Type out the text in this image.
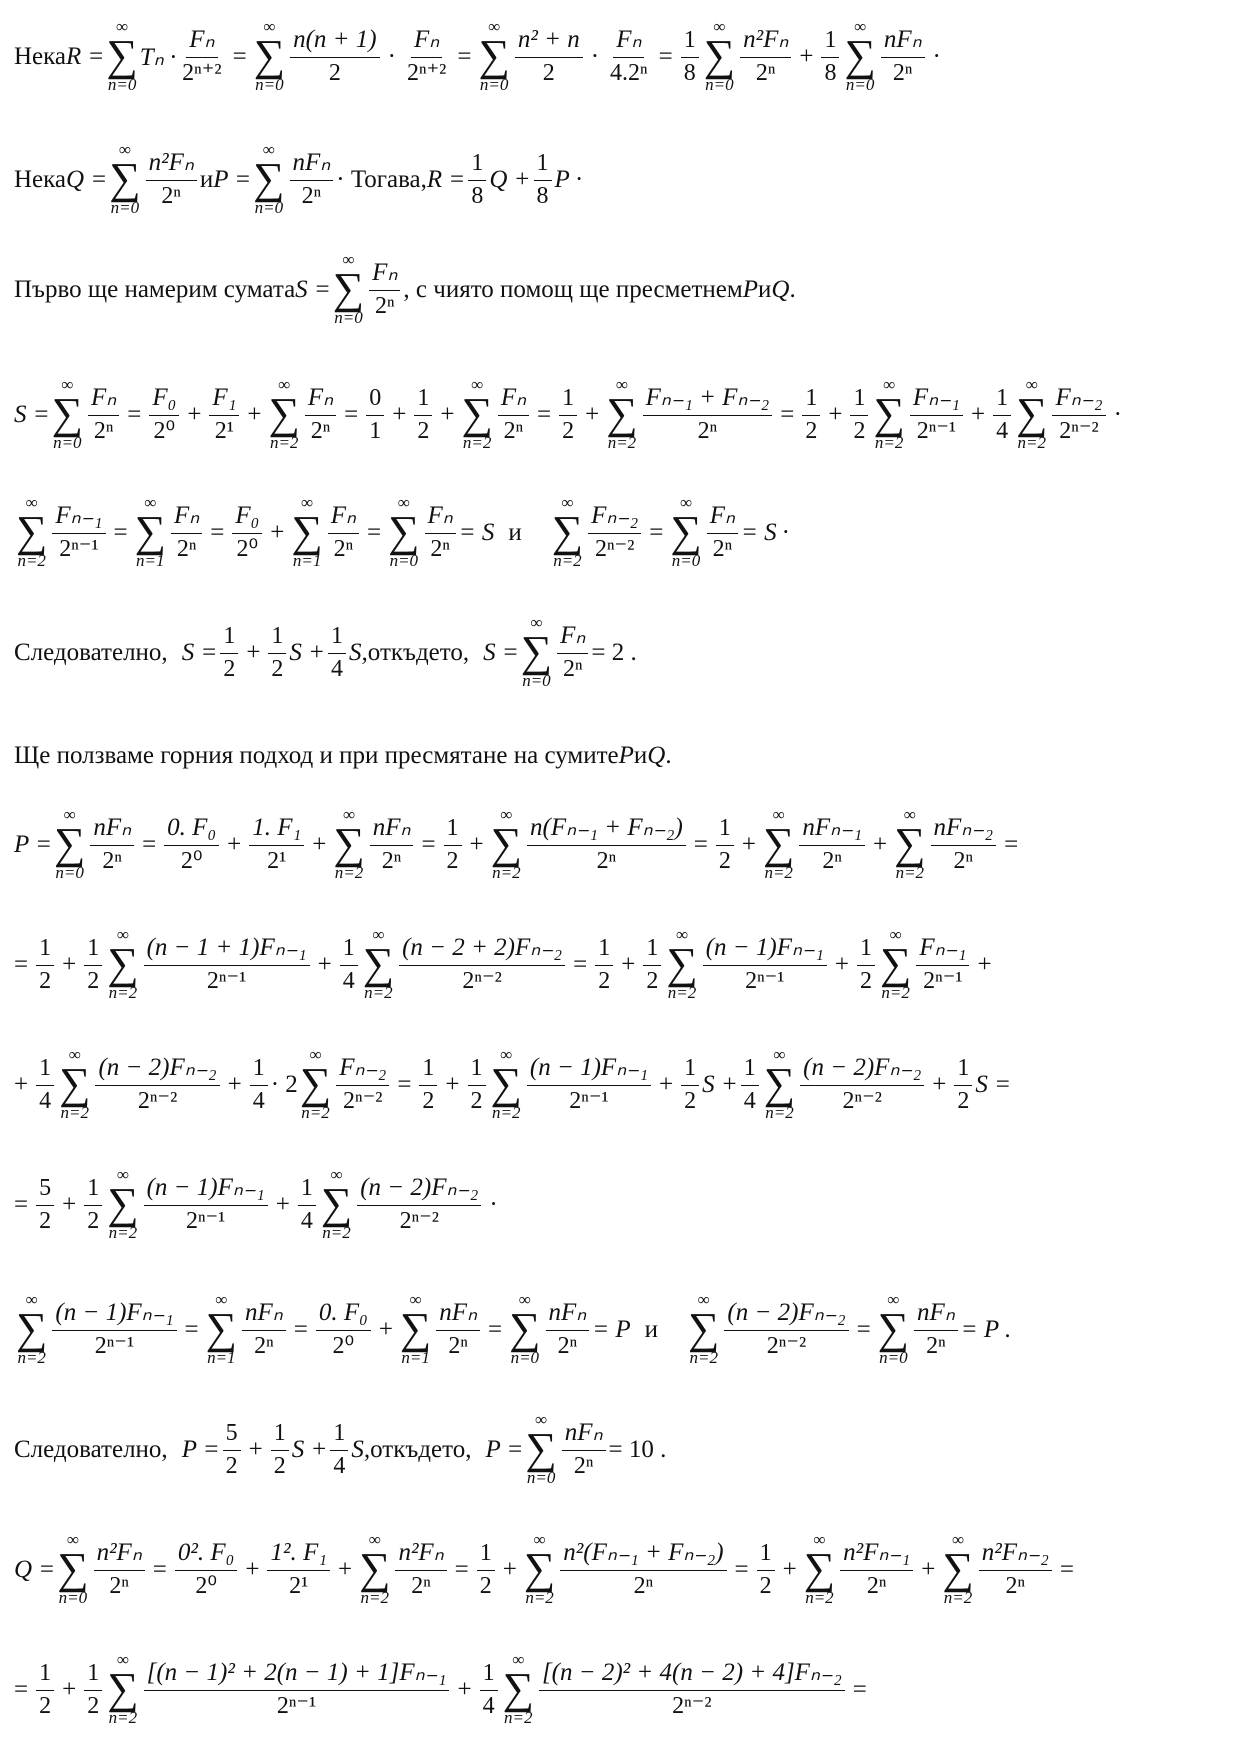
Нека R =
∞
∑
n=0
$T_n \cdot \frac{\text{Fₙ}}{\text{2ⁿ⁺²}}$ =
∞
∑
$n=0 \frac{n(n + 1)}{2} \cdot \frac{\text{Fₙ}}{\text{2ⁿ⁺²}}$ =
∞
∑
$n=0 \frac{\text{n² + n}}{2} \cdot \frac{\text{Fₙ}}{\text{4.2ⁿ}} = \frac{1}{8}$
∞
∑
$n=0 \frac{\text{n²Fₙ}}{\text{2ⁿ}} + \frac{1}{8}$
∞
∑
$n=0 \frac{\text{nFₙ}}{\text{2ⁿ}}$ ·
Нека Q =
∞
∑
$n=0 \frac{\text{n²Fₙ}}{\text{2ⁿ}}$ и P =
∞
∑
$n=0 \frac{\text{nFₙ}}{\text{2ⁿ}}$ · Тогава, $R = \frac{1}{8}$ $Q + \frac{1}{8}$ P ·
Първо ще намерим сумата S =
∞
∑
$n=0 \frac{\text{Fₙ}}{\text{2ⁿ}}$ , с чиято помощ ще пресметнем P и Q .
S =
∞
∑
$n=0 \frac{\text{Fₙ}}{\text{2ⁿ}} = \frac{\text{F₀}}{\text{2⁰}} + \frac{\text{F₁}}{\text{2¹}}$ +
∞
∑
$n=2 \frac{\text{Fₙ}}{\text{2ⁿ}} = \frac{0}{1} + \frac{1}{2}$ +
∞
∑
$n=2 \frac{\text{Fₙ}}{\text{2ⁿ}} = \frac{1}{2}$ +
∞
∑
$n=2 \frac{\text{Fₙ₋₁ + Fₙ₋₂}}{\text{2ⁿ}} = \frac{1}{2} + \frac{1}{2}$
∞
∑
$n=2 \frac{\text{Fₙ₋₁}}{\text{2ⁿ⁻¹}} + \frac{1}{4}$
∞
∑
$n=2 \frac{\text{Fₙ₋₂}}{\text{2ⁿ⁻²}}$ ·
∞
∑
$n=2 \frac{\text{Fₙ₋₁}}{\text{2ⁿ⁻¹}}$ =
∞
∑
$n=1 \frac{\text{Fₙ}}{\text{2ⁿ}} = \frac{\text{F₀}}{\text{2⁰}}$ +
∞
∑
$n=1 \frac{\text{Fₙ}}{\text{2ⁿ}}$ =
∞
∑
$n=0 \frac{\text{Fₙ}}{\text{2ⁿ}} = S$ и
∞
∑
$n=2 \frac{\text{Fₙ₋₂}}{\text{2ⁿ⁻²}}$ =
∞
∑
$n=0 \frac{\text{Fₙ}}{\text{2ⁿ}} = S$ ·
Следователно, $S = \frac{1}{2} + \frac{1}{2}$ $S + \frac{1}{4} S$, откъдето, S =
∞
∑
$n=0 \frac{\text{Fₙ}}{\text{2ⁿ}} = 2$ .
Ще ползваме горния подход и при пресмятане на сумите P и Q .
P =
∞
∑
$n=0 \frac{\text{nFₙ}}{\text{2ⁿ}} = \frac{\text{0. F₀}}{\text{2⁰}} + \frac{\text{1. F₁}}{\text{2¹}}$ +
∞
∑
$n=2 \frac{\text{nFₙ}}{\text{2ⁿ}} = \frac{1}{2}$ +
∞
∑
$n=2 \frac{\text{n(Fₙ₋₁ + Fₙ₋₂)}}{\text{2ⁿ}} = \frac{1}{2}$ +
∞
∑
$n=2 \frac{\text{nFₙ₋₁}}{\text{2ⁿ}}$ +
∞
∑
$n=2 \frac{\text{nFₙ₋₂}}{\text{2ⁿ}}$ =
= $\frac{1}{2} + \frac{1}{2}$
∞
∑
$n=2 \frac{\text{(n − 1 + 1)Fₙ₋₁}}{\text{2ⁿ⁻¹}} + \frac{1}{4}$
∞
∑
$n=2 \frac{\text{(n − 2 + 2)Fₙ₋₂}}{\text{2ⁿ⁻²}} = \frac{1}{2} + \frac{1}{2}$
∞
∑
$n=2 \frac{\text{(n − 1)Fₙ₋₁}}{\text{2ⁿ⁻¹}} + \frac{1}{2}$
∞
∑
$n=2 \frac{\text{Fₙ₋₁}}{\text{2ⁿ⁻¹}}$ +
+ $\frac{1}{4}$
∞
∑
$n=2 \frac{\text{(n − 2)Fₙ₋₂}}{\text{2ⁿ⁻²}} + \frac{1}{4} \cdot 2$
∞
∑
$n=2 \frac{\text{Fₙ₋₂}}{\text{2ⁿ⁻²}} = \frac{1}{2} + \frac{1}{2}$
∞
∑
$n=2 \frac{\text{(n − 1)Fₙ₋₁}}{\text{2ⁿ⁻¹}} + \frac{1}{2}$ $S + \frac{1}{4}$
∞
∑
$n=2 \frac{\text{(n − 2)Fₙ₋₂}}{\text{2ⁿ⁻²}} + \frac{1}{2}$ S =
= $\frac{5}{2} + \frac{1}{2}$
∞
∑
$n=2 \frac{\text{(n − 1)Fₙ₋₁}}{\text{2ⁿ⁻¹}} + \frac{1}{4}$
∞
∑
$n=2 \frac{\text{(n − 2)Fₙ₋₂}}{\text{2ⁿ⁻²}}$ ·
∞
∑
$n=2 \frac{\text{(n − 1)Fₙ₋₁}}{\text{2ⁿ⁻¹}}$ =
∞
∑
$n=1 \frac{\text{nFₙ}}{\text{2ⁿ}} = \frac{\text{0. F₀}}{\text{2⁰}}$ +
∞
∑
$n=1 \frac{\text{nFₙ}}{\text{2ⁿ}}$ =
∞
∑
$n=0 \frac{\text{nFₙ}}{\text{2ⁿ}} = P$ и
∞
∑
$n=2 \frac{\text{(n − 2)Fₙ₋₂}}{\text{2ⁿ⁻²}}$ =
∞
∑
$n=0 \frac{\text{nFₙ}}{\text{2ⁿ}} = P$ .
Следователно, $P = \frac{5}{2} + \frac{1}{2}$ $S + \frac{1}{4} S$, откъдето, P =
∞
∑
$n=0 \frac{\text{nFₙ}}{\text{2ⁿ}} = 10$ .
Q =
∞
∑
$n=0 \frac{\text{n²Fₙ}}{\text{2ⁿ}} = \frac{\text{0². F₀}}{\text{2⁰}} + \frac{\text{1². F₁}}{\text{2¹}}$ +
∞
∑
$n=2 \frac{\text{n²Fₙ}}{\text{2ⁿ}} = \frac{1}{2}$ +
∞
∑
$n=2 \frac{\text{n²(Fₙ₋₁ + Fₙ₋₂)}}{\text{2ⁿ}} = \frac{1}{2}$ +
∞
∑
$n=2 \frac{\text{n²Fₙ₋₁}}{\text{2ⁿ}}$ +
∞
∑
$n=2 \frac{\text{n²Fₙ₋₂}}{\text{2ⁿ}}$ =
= $\frac{1}{2} + \frac{1}{2}$
∞
∑
$n=2 \frac{\text{[(n − 1)² + 2(n − 1) + 1]Fₙ₋₁}}{\text{2ⁿ⁻¹}} + \frac{1}{4}$
∞
∑
$n=2 \frac{\text{[(n − 2)² + 4(n − 2) + 4]Fₙ₋₂}}{\text{2ⁿ⁻²}}$ =
